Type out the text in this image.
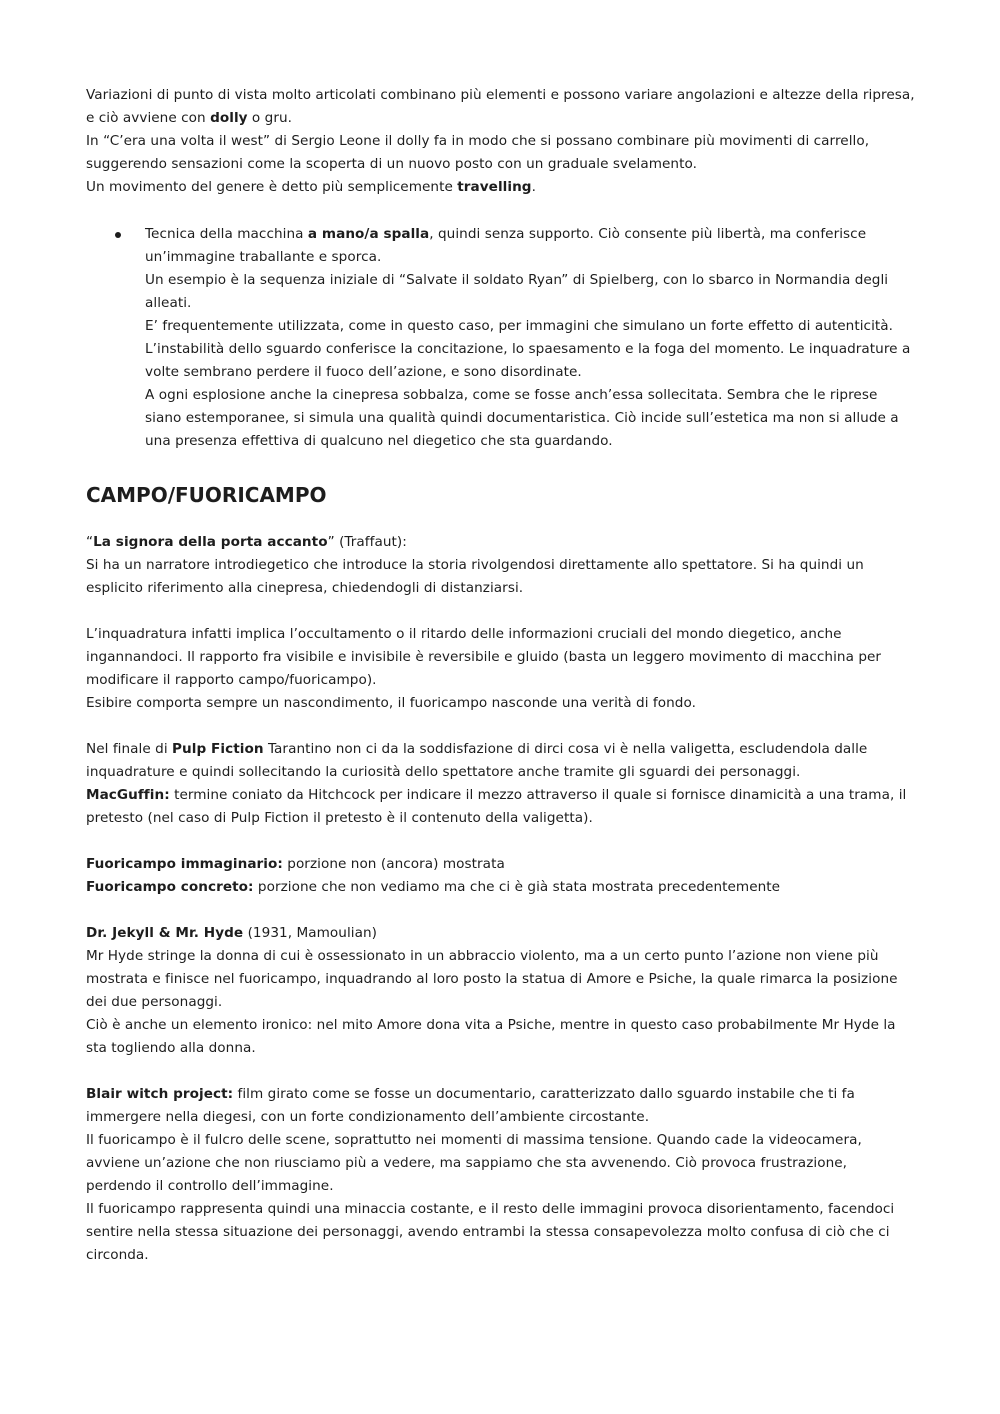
Variazioni di punto di vista molto articolati combinano più elementi e possono variare angolazioni e altezze della ripresa, e ciò avviene con dolly o gru.

In “C’era una volta il west” di Sergio Leone il dolly fa in modo che si possano combinare più movimenti di carrello, suggerendo sensazioni come la scoperta di un nuovo posto con un graduale svelamento.

Un movimento del genere è detto più semplicemente travelling.

Tecnica della macchina a mano/a spalla, quindi senza supporto. Ciò consente più libertà, ma conferisce un’immagine traballante e sporca.

Un esempio è la sequenza iniziale di “Salvate il soldato Ryan” di Spielberg, con lo sbarco in Normandia degli alleati.

E’ frequentemente utilizzata, come in questo caso, per immagini che simulano un forte effetto di autenticità. L’instabilità dello sguardo conferisce la concitazione, lo spaesamento e la foga del momento. Le inquadrature a volte sembrano perdere il fuoco dell’azione, e sono disordinate.

A ogni esplosione anche la cinepresa sobbalza, come se fosse anch’essa sollecitata. Sembra che le riprese siano estemporanee, si simula una qualità quindi documentaristica. Ciò incide sull’estetica ma non si allude a una presenza effettiva di qualcuno nel diegetico che sta guardando.

CAMPO/FUORICAMPO

“La signora della porta accanto” (Traffaut):

Si ha un narratore introdiegetico che introduce la storia rivolgendosi direttamente allo spettatore. Si ha quindi un esplicito riferimento alla cinepresa, chiedendogli di distanziarsi.

L’inquadratura infatti implica l’occultamento o il ritardo delle informazioni cruciali del mondo diegetico, anche ingannandoci. Il rapporto fra visibile e invisibile è reversibile e gluido (basta un leggero movimento di macchina per modificare il rapporto campo/fuoricampo).

Esibire comporta sempre un nascondimento, il fuoricampo nasconde una verità di fondo.

Nel finale di Pulp Fiction Tarantino non ci da la soddisfazione di dirci cosa vi è nella valigetta, escludendola dalle inquadrature e quindi sollecitando la curiosità dello spettatore anche tramite gli sguardi dei personaggi.

MacGuffin: termine coniato da Hitchcock per indicare il mezzo attraverso il quale si fornisce dinamicità a una trama, il pretesto (nel caso di Pulp Fiction il pretesto è il contenuto della valigetta).

Fuoricampo immaginario: porzione non (ancora) mostrata

Fuoricampo concreto: porzione che non vediamo ma che ci è già stata mostrata precedentemente

Dr. Jekyll & Mr. Hyde (1931, Mamoulian)

Mr Hyde stringe la donna di cui è ossessionato in un abbraccio violento, ma a un certo punto l’azione non viene più mostrata e finisce nel fuoricampo, inquadrando al loro posto la statua di Amore e Psiche, la quale rimarca la posizione dei due personaggi.

Ciò è anche un elemento ironico: nel mito Amore dona vita a Psiche, mentre in questo caso probabilmente Mr Hyde la sta togliendo alla donna.

Blair witch project: film girato come se fosse un documentario, caratterizzato dallo sguardo instabile che ti fa immergere nella diegesi, con un forte condizionamento dell’ambiente circostante.

Il fuoricampo è il fulcro delle scene, soprattutto nei momenti di massima tensione. Quando cade la videocamera, avviene un’azione che non riusciamo più a vedere, ma sappiamo che sta avvenendo. Ciò provoca frustrazione, perdendo il controllo dell’immagine.

Il fuoricampo rappresenta quindi una minaccia costante, e il resto delle immagini provoca disorientamento, facendoci sentire nella stessa situazione dei personaggi, avendo entrambi la stessa consapevolezza molto confusa di ciò che ci circonda.
